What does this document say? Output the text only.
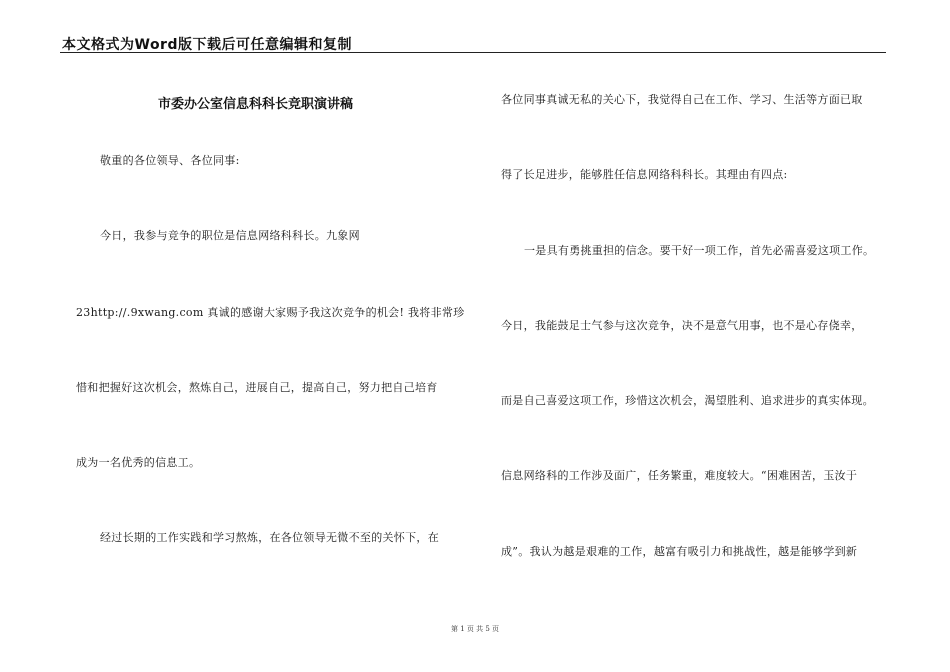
本文格式为Word版下载后可任意编辑和复制
市委办公室信息科科长竞职演讲稿
敬重的各位领导、各位同事:
今日，我参与竞争的职位是信息网络科科长。九象网
23http://.9xwang.com 真诚的感谢大家赐予我这次竞争的机会! 我将非常珍
惜和把握好这次机会，熬炼自己，进展自己，提高自己，努力把自己培育
成为一名优秀的信息工。
经过长期的工作实践和学习熬炼，在各位领导无微不至的关怀下，在
各位同事真诚无私的关心下，我觉得自己在工作、学习、生活等方面已取
得了长足进步，能够胜任信息网络科科长。其理由有四点:
一是具有勇挑重担的信念。要干好一项工作，首先必需喜爱这项工作。
今日，我能鼓足士气参与这次竞争，决不是意气用事，也不是心存侥幸，
而是自己喜爱这项工作，珍惜这次机会，渴望胜利、追求进步的真实体现。
信息网络科的工作涉及面广，任务繁重，难度较大。“困难困苦，玉汝于
成”。我认为越是艰难的工作，越富有吸引力和挑战性，越是能够学到新
第 1 页 共 5 页
